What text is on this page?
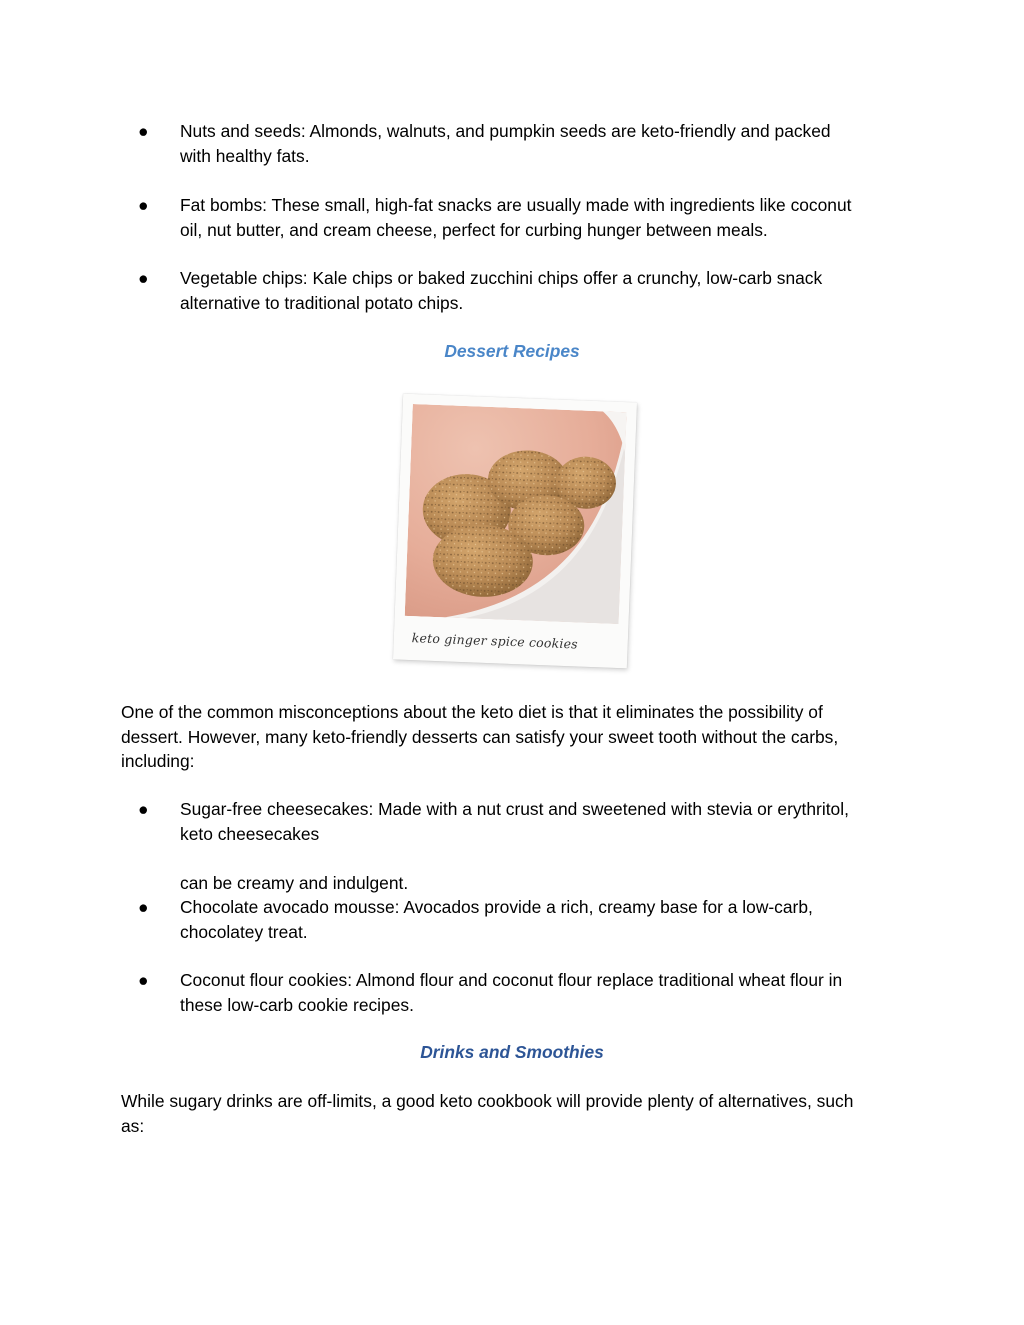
● Nuts and seeds: Almonds, walnuts, and pumpkin seeds are keto-friendly and packed
with healthy fats.
● Fat bombs: These small, high-fat snacks are usually made with ingredients like coconut
oil, nut butter, and cream cheese, perfect for curbing hunger between meals.
● Vegetable chips: Kale chips or baked zucchini chips offer a crunchy, low-carb snack
alternative to traditional potato chips.
Dessert Recipes
keto ginger spice cookies
One of the common misconceptions about the keto diet is that it eliminates the possibility of
dessert. However, many keto-friendly desserts can satisfy your sweet tooth without the carbs,
including:
● Sugar-free cheesecakes: Made with a nut crust and sweetened with stevia or erythritol,
keto cheesecakes
can be creamy and indulgent.
● Chocolate avocado mousse: Avocados provide a rich, creamy base for a low-carb,
chocolatey treat.
● Coconut flour cookies: Almond flour and coconut flour replace traditional wheat flour in
these low-carb cookie recipes.
Drinks and Smoothies
While sugary drinks are off-limits, a good keto cookbook will provide plenty of alternatives, such
as:
